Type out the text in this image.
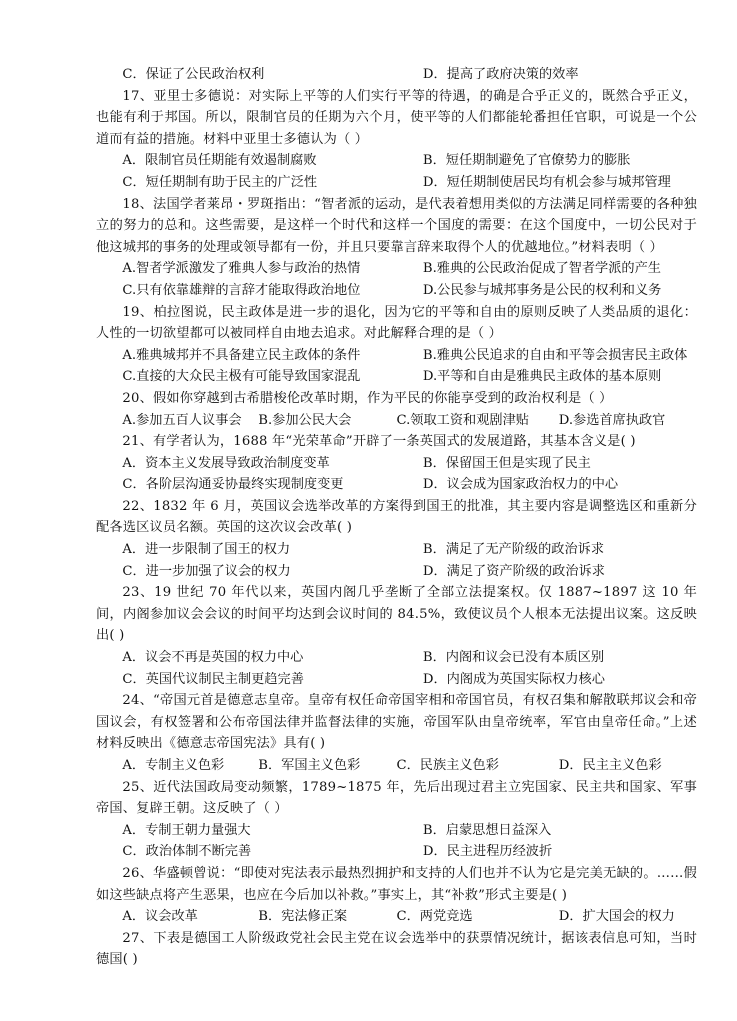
C．保证了公民政治权利	D．提高了政府决策的效率

17、亚里士多德说：对实际上平等的人们实行平等的待遇，的确是合乎正义的，既然合乎正义，也能有利于邦国。所以，限制官员的任期为六个月，使平等的人们都能轮番担任官职，可说是一个公道而有益的措施。材料中亚里士多德认为（ ）

A．限制官员任期能有效遏制腐败	B．短任期制避免了官僚势力的膨胀
C．短任期制有助于民主的广泛性	D．短任期制使居民均有机会参与城邦管理

18、法国学者莱昂・罗斑指出：“智者派的运动，是代表着想用类似的方法满足同样需要的各种独立的努力的总和。这些需要，是这样一个时代和这样一个国度的需要：在这个国度中，一切公民对于他这城邦的事务的处理或领导都有一份，并且只要靠言辞来取得个人的优越地位。”材料表明（ ）

A.智者学派激发了雅典人参与政治的热情	B.雅典的公民政治促成了智者学派的产生
C.只有依靠雄辩的言辞才能取得政治地位	D.公民参与城邦事务是公民的权利和义务

19、柏拉图说，民主政体是进一步的退化，因为它的平等和自由的原则反映了人类品质的退化：人性的一切欲望都可以被同样自由地去追求。对此解释合理的是（ ）

A.雅典城邦并不具备建立民主政体的条件	B.雅典公民追求的自由和平等会损害民主政体
C.直接的大众民主极有可能导致国家混乱	D.平等和自由是雅典民主政体的基本原则

20、假如你穿越到古希腊梭伦改革时期，作为平民的你能享受到的政治权利是（ ）

A.参加五百人议事会	B.参加公民大会	C.领取工资和观剧津贴	D.参选首席执政官

21、有学者认为，1688 年“光荣革命”开辟了一条英国式的发展道路，其基本含义是( )

A．资本主义发展导致政治制度变革	B．保留国王但是实现了民主
C．各阶层沟通妥协最终实现制度变更	D．议会成为国家政治权力的中心

22、1832 年 6 月，英国议会选举改革的方案得到国王的批准，其主要内容是调整选区和重新分配各选区议员名额。英国的这次议会改革( )

A．进一步限制了国王的权力	B．满足了无产阶级的政治诉求
C．进一步加强了议会的权力	D．满足了资产阶级的政治诉求

23、19 世纪 70 年代以来，英国内阁几乎垄断了全部立法提案权。仅 1887~1897 这 10 年间，内阁参加议会会议的时间平均达到会议时间的 84.5%，致使议员个人根本无法提出议案。这反映出( )

A．议会不再是英国的权力中心	B．内阁和议会已没有本质区别
C．英国代议制民主制更趋完善	D．内阁成为英国实际权力核心

24、“帝国元首是德意志皇帝。皇帝有权任命帝国宰相和帝国官员，有权召集和解散联邦议会和帝国议会，有权签署和公布帝国法律并监督法律的实施，帝国军队由皇帝统率，军官由皇帝任命。”上述材料反映出《德意志帝国宪法》具有( )

A．专制主义色彩	B．军国主义色彩	C．民族主义色彩	D．民主主义色彩

25、近代法国政局变动频繁，1789~1875 年，先后出现过君主立宪国家、民主共和国家、军事帝国、复辟王朝。这反映了（ ）

A．专制王朝力量强大	B．启蒙思想日益深入
C．政治体制不断完善	D．民主进程历经波折

26、华盛顿曾说：“即使对宪法表示最热烈拥护和支持的人们也并不认为它是完美无缺的。……假如这些缺点将产生恶果，也应在今后加以补救。”事实上，其“补救”形式主要是( )

A．议会改革	B．宪法修正案	C．两党竞选	D．扩大国会的权力

27、下表是德国工人阶级政党社会民主党在议会选举中的获票情况统计，据该表信息可知，当时德国( )
